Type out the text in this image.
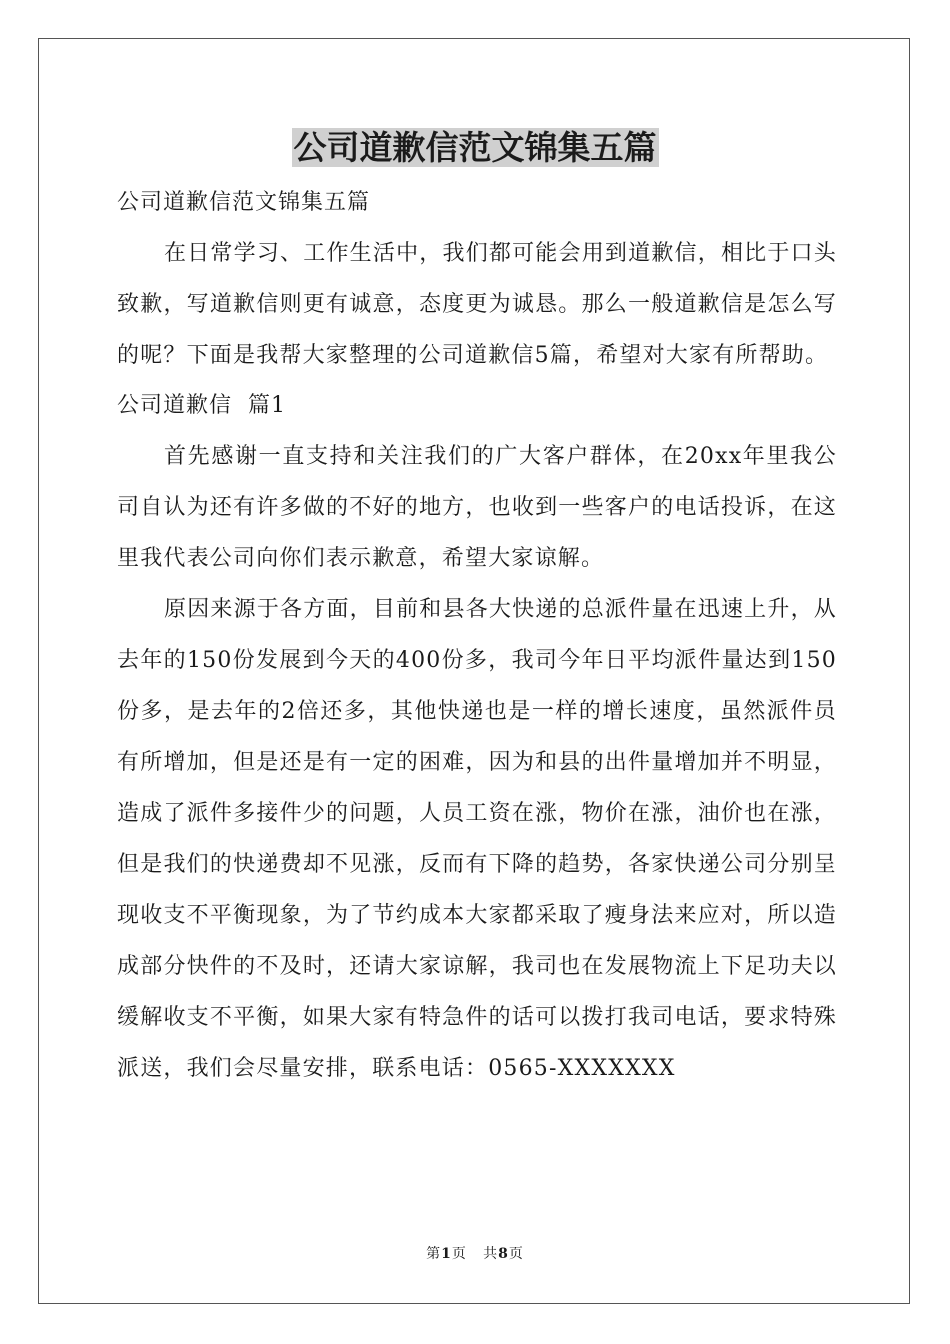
公司道歉信范文锦集五篇

公司道歉信范文锦集五篇

在日常学习、工作生活中，我们都可能会用到道歉信，相比于口头致歉，写道歉信则更有诚意，态度更为诚恳。那么一般道歉信是怎么写的呢？下面是我帮大家整理的公司道歉信5篇，希望对大家有所帮助。

公司道歉信  篇1

首先感谢一直支持和关注我们的广大客户群体，在20xx年里我公司自认为还有许多做的不好的地方，也收到一些客户的电话投诉，在这里我代表公司向你们表示歉意，希望大家谅解。

原因来源于各方面，目前和县各大快递的总派件量在迅速上升，从去年的150份发展到今天的400份多，我司今年日平均派件量达到150份多，是去年的2倍还多，其他快递也是一样的增长速度，虽然派件员有所增加，但是还是有一定的困难，因为和县的出件量增加并不明显，造成了派件多接件少的问题，人员工资在涨，物价在涨，油价也在涨，但是我们的快递费却不见涨，反而有下降的趋势，各家快递公司分别呈现收支不平衡现象，为了节约成本大家都采取了瘦身法来应对，所以造成部分快件的不及时，还请大家谅解，我司也在发展物流上下足功夫以缓解收支不平衡，如果大家有特急件的话可以拨打我司电话，要求特殊派送，我们会尽量安排，联系电话：0565-XXXXXXX

第1页 共8页
